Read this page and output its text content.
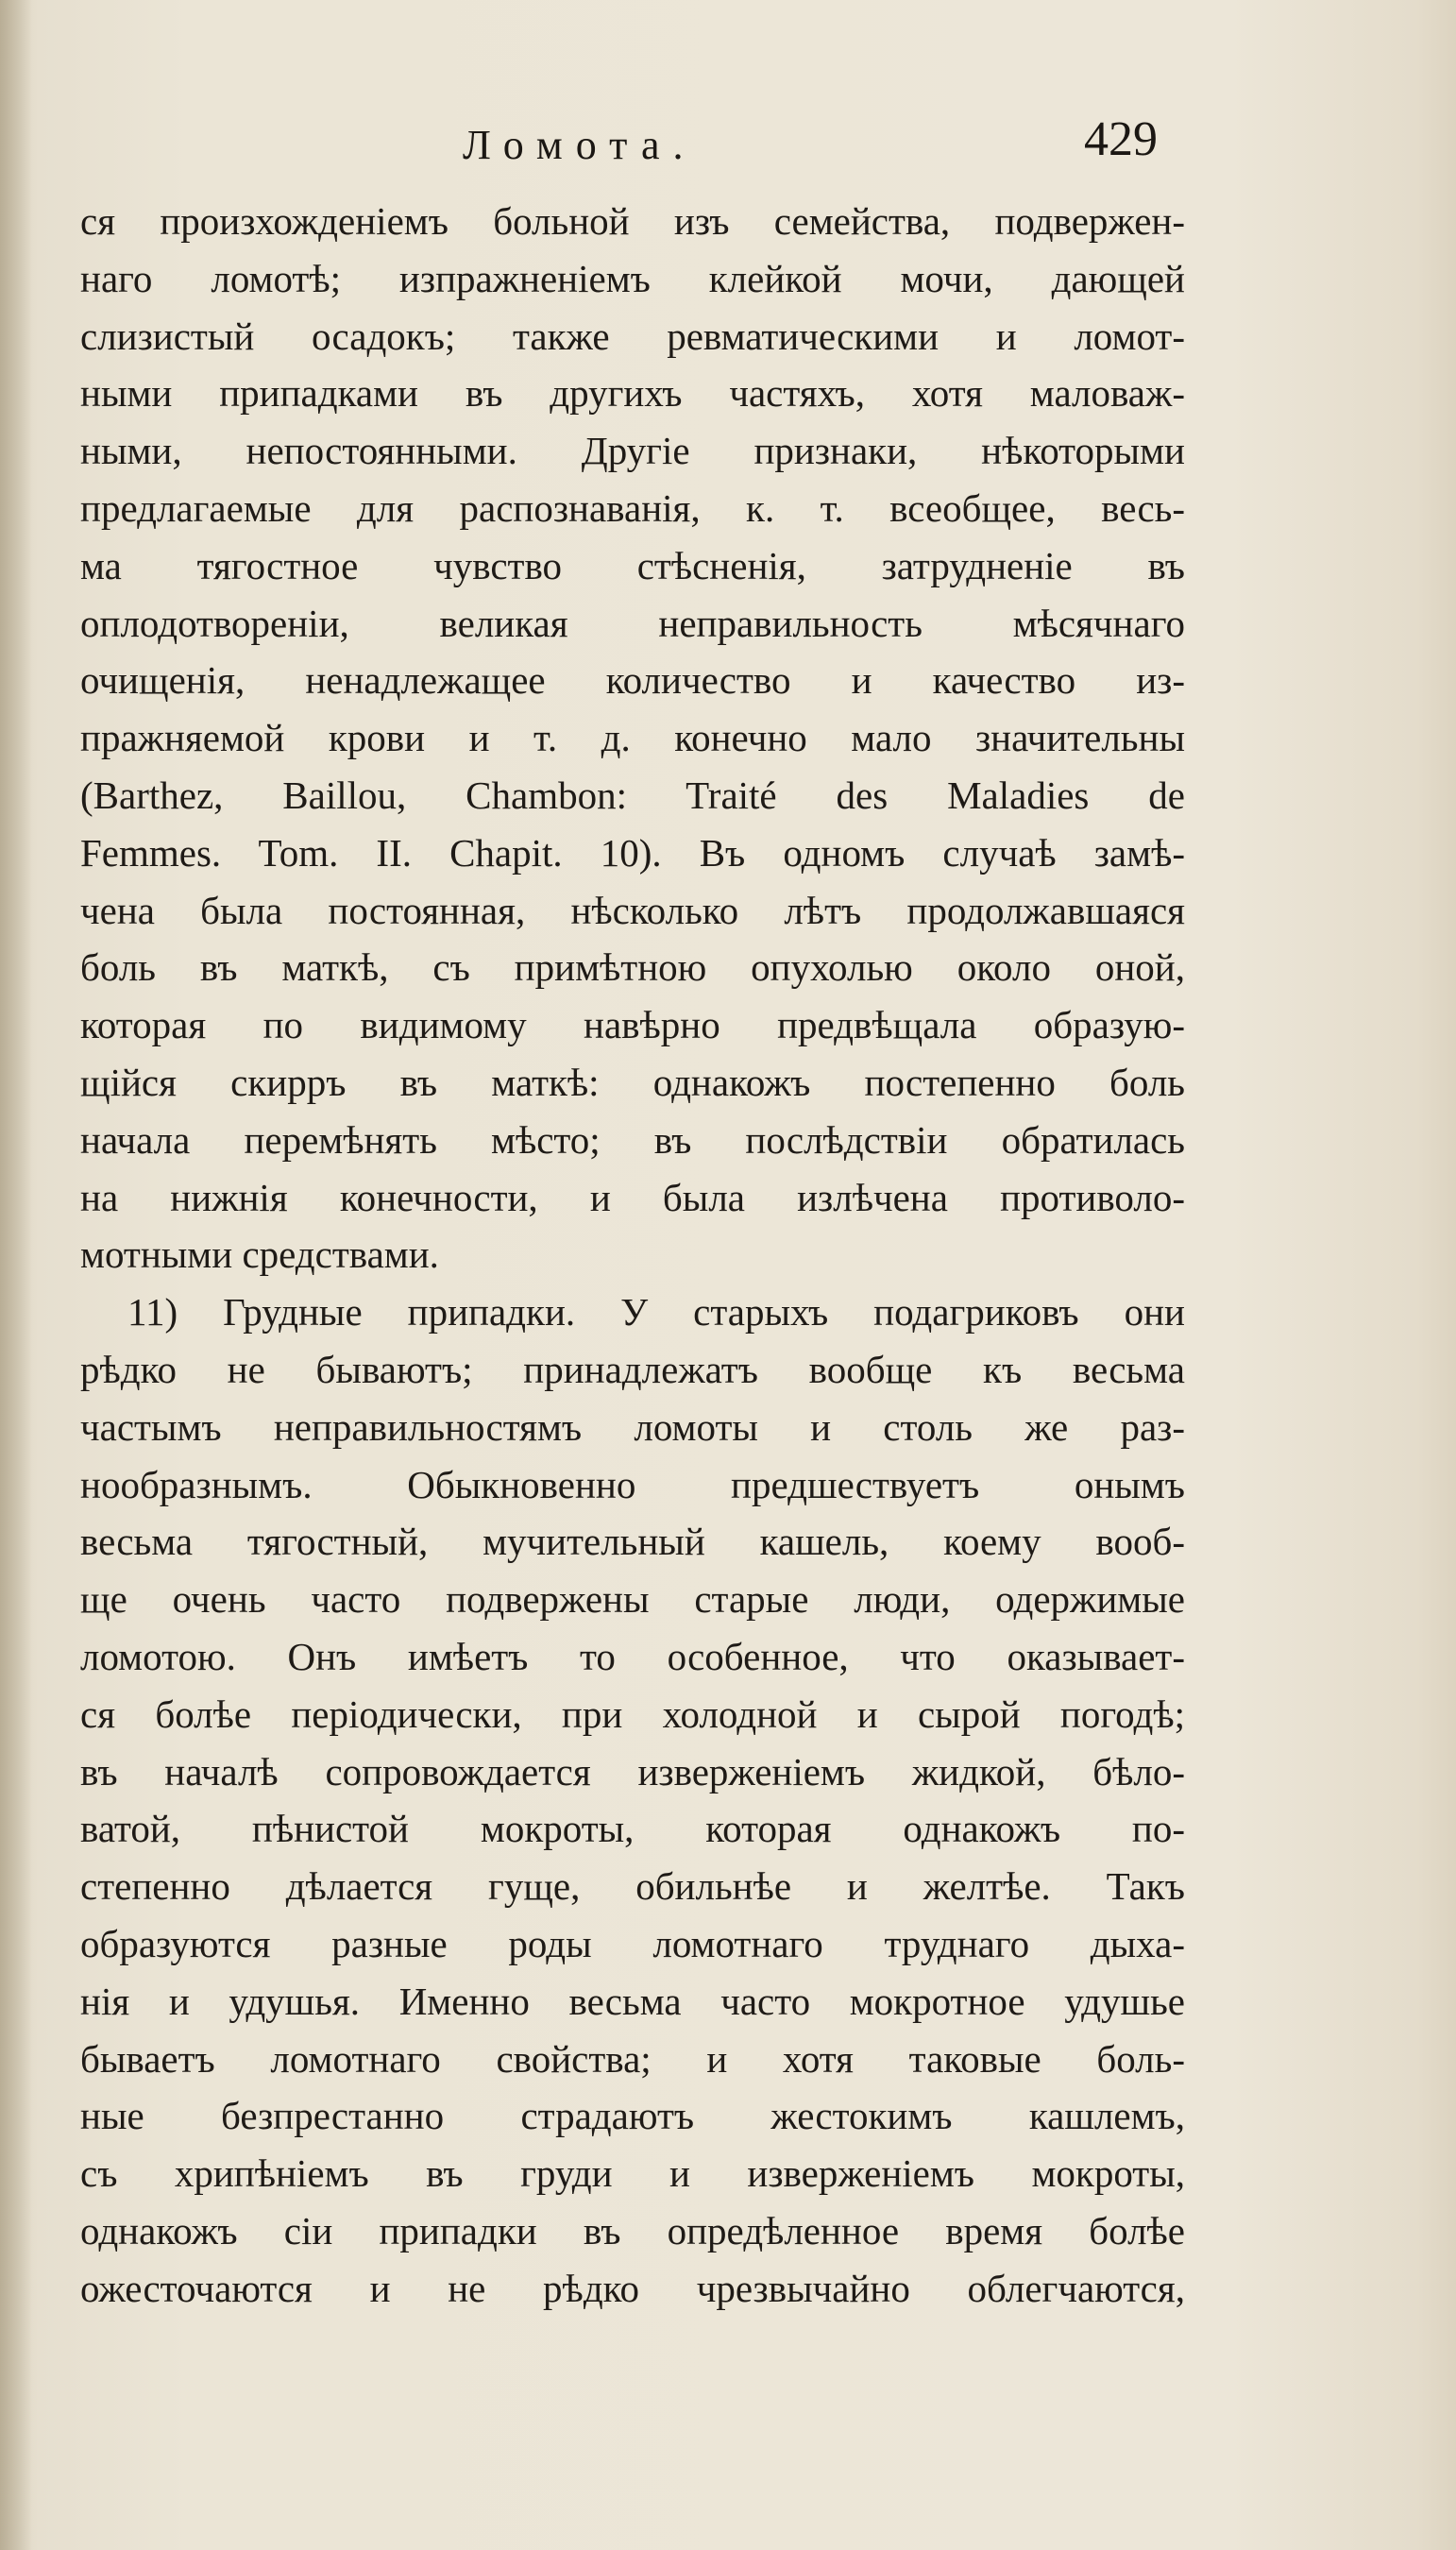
Ломота.	429
ся произхожденіемъ больной изъ семейства, подвержен-
наго ломотѣ; изпражненіемъ клейкой мочи, дающей
слизистый осадокъ; также ревматическими и ломот-
ными припадками въ другихъ частяхъ, хотя маловаж-
ными, непостоянными. Другіе признаки, нѣкоторыми
предлагаемые для распознаванія, к. т. всеобщее, весь-
ма тягостное чувство стѣсненія, затрудненіе въ
оплодотвореніи, великая неправильность мѣсячнаго
очищенія, ненадлежащее количество и качество из-
пражняемой крови и т. д. конечно мало значительны
(Barthez, Baillou, Chambon: Traité des Maladies de
Femmes. Tom. II. Chapit. 10). Въ одномъ случаѣ замѣ-
чена была постоянная, нѣсколько лѣтъ продолжавшаяся
боль въ маткѣ, съ примѣтною опухолью около оной,
которая по видимому навѣрно предвѣщала образую-
щійся скирръ въ маткѣ: однакожъ постепенно боль
начала перемѣнять мѣсто; въ послѣдствіи обратилась
на нижнія конечности, и была излѣчена противоло-
мотными средствами.
11) Грудные припадки. У старыхъ подагриковъ они
рѣдко не бываютъ; принадлежатъ вообще къ весьма
частымъ неправильностямъ ломоты и столь же раз-
нообразнымъ. Обыкновенно предшествуетъ онымъ
весьма тягостный, мучительный кашель, коему вооб-
ще очень часто подвержены старые люди, одержимые
ломотою. Онъ имѣетъ то особенное, что оказывает-
ся болѣе періодически, при холодной и сырой погодѣ;
въ началѣ сопровождается изверженіемъ жидкой, бѣло-
ватой, пѣнистой мокроты, которая однакожъ по-
степенно дѣлается гуще, обильнѣе и желтѣе. Такъ
образуются разные роды ломотнаго труднаго дыха-
нія и удушья. Именно весьма часто мокротное удушье
бываетъ ломотнаго свойства; и хотя таковые боль-
ные безпрестанно страдаютъ жестокимъ кашлемъ,
съ хрипѣніемъ въ груди и изверженіемъ мокроты,
однакожъ сіи припадки въ опредѣленное время болѣе
ожесточаются и не рѣдко чрезвычайно облегчаются,
